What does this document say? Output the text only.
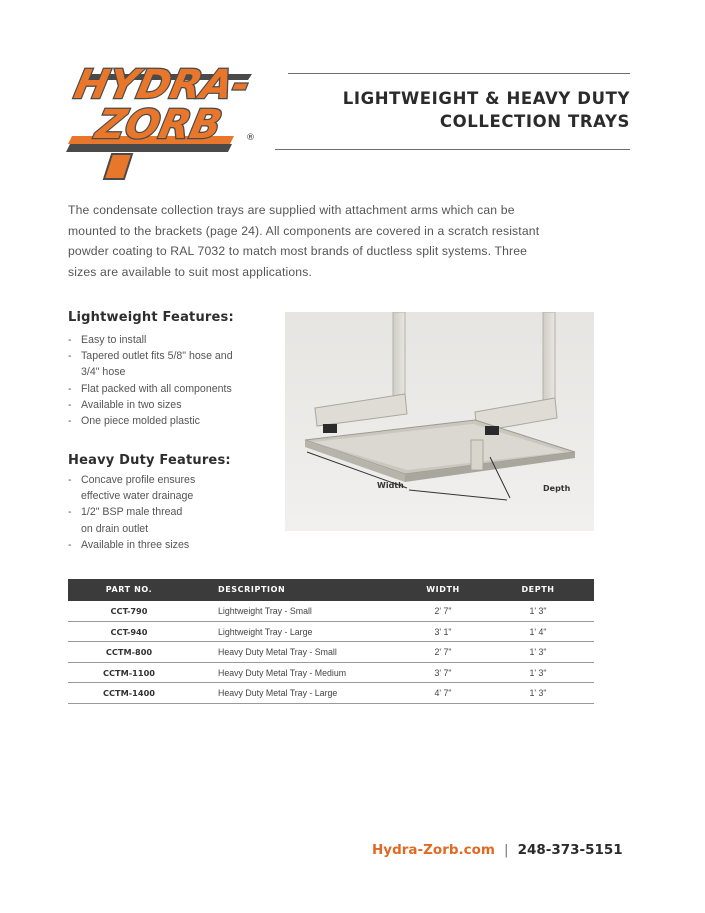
HYDRA-
ZORB ®
LIGHTWEIGHT & HEAVY DUTY
COLLECTION TRAYS
The condensate collection trays are supplied with attachment arms which can be
mounted to the brackets (page 24). All components are covered in a scratch resistant
powder coating to RAL 7032 to match most brands of ductless split systems. Three
sizes are available to suit most applications.
Lightweight Features:
- Easy to install
- Tapered outlet fits 5/8" hose and
3/4" hose
- Flat packed with all components
- Available in two sizes
- One piece molded plastic
Heavy Duty Features:
- Concave profile ensures
effective water drainage
- 1/2" BSP male thread
on drain outlet
- Available in three sizes
Width	Depth
PART NO.	DESCRIPTION	WIDTH	DEPTH
CCT-790	Lightweight Tray - Small	2' 7"	1' 3"
CCT-940	Lightweight Tray - Large	3' 1"	1' 4"
CCTM-800	Heavy Duty Metal Tray - Small	2' 7"	1' 3"
CCTM-1100	Heavy Duty Metal Tray - Medium	3' 7"	1' 3"
CCTM-1400	Heavy Duty Metal Tray - Large	4' 7"	1' 3"
Hydra-Zorb.com | 248-373-5151
